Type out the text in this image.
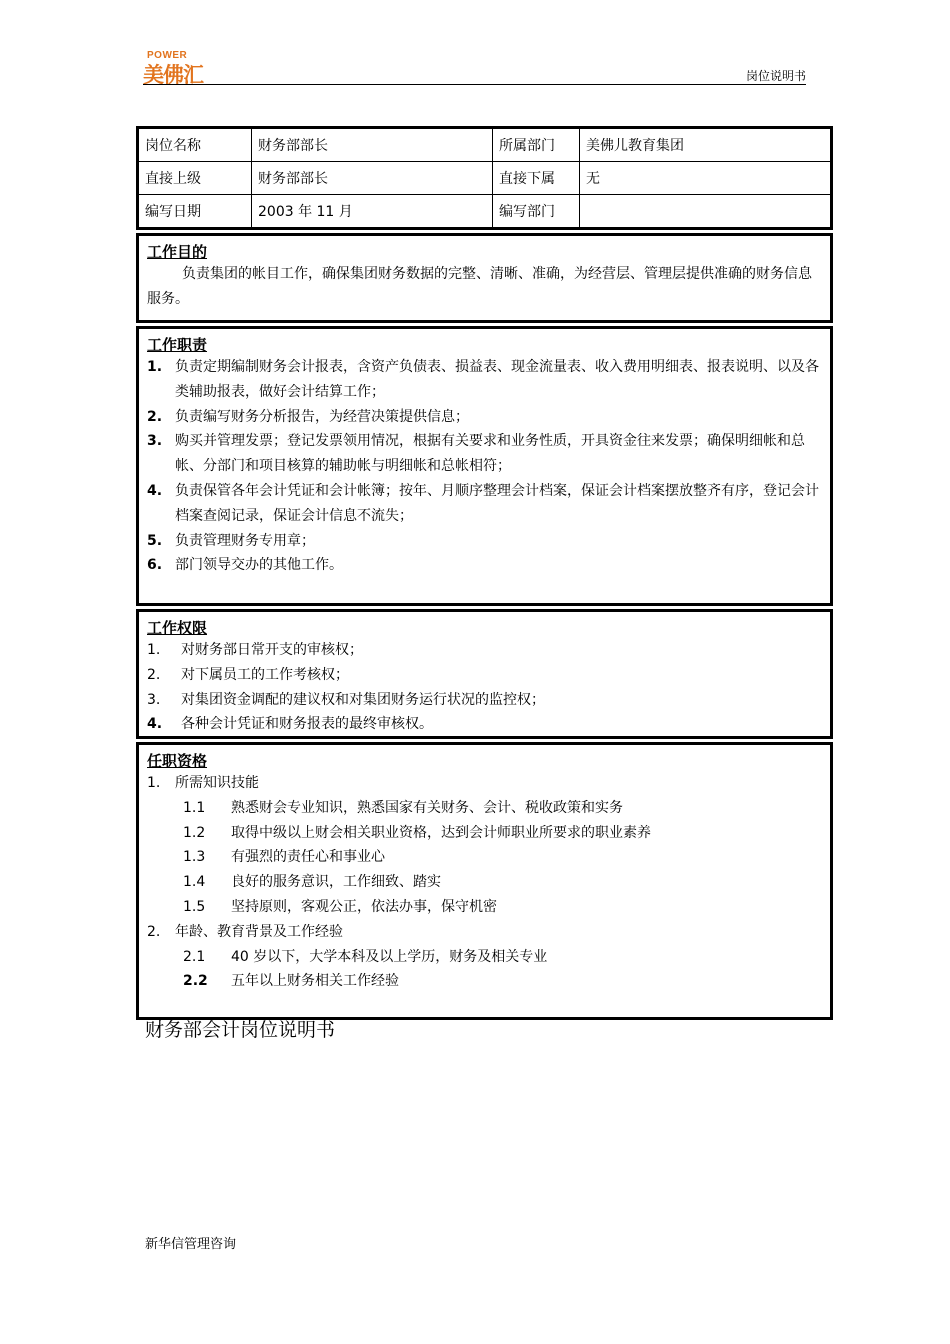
美佛汇
POWER
岗位说明书
岗位名称	财务部部长	所属部门	美佛儿教育集团
直接上级	财务部部长	直接下属	无
编写日期	2003 年 11 月	编写部门	
工作目的
负责集团的帐目工作，确保集团财务数据的完整、清晰、准确，为经营层、管理层提供准确的财务信息服务。
工作职责
1. 负责定期编制财务会计报表，含资产负债表、损益表、现金流量表、收入费用明细表、报表说明、以及各类辅助报表，做好会计结算工作；
2. 负责编写财务分析报告，为经营决策提供信息；
3. 购买并管理发票；登记发票领用情况，根据有关要求和业务性质，开具资金往来发票；确保明细帐和总帐、分部门和项目核算的辅助帐与明细帐和总帐相符；
4. 负责保管各年会计凭证和会计帐簿；按年、月顺序整理会计档案，保证会计档案摆放整齐有序，登记会计档案查阅记录，保证会计信息不流失；
5. 负责管理财务专用章；
6. 部门领导交办的其他工作。
工作权限
1.	对财务部日常开支的审核权；
2.	对下属员工的工作考核权；
3.	对集团资金调配的建议权和对集团财务运行状况的监控权；
4.	各种会计凭证和财务报表的最终审核权。
任职资格
1.	所需知识技能
1.1	熟悉财会专业知识，熟悉国家有关财务、会计、税收政策和实务
1.2	取得中级以上财会相关职业资格，达到会计师职业所要求的职业素养
1.3	有强烈的责任心和事业心
1.4	良好的服务意识，工作细致、踏实
1.5	坚持原则，客观公正，依法办事，保守机密
2.	年龄、教育背景及工作经验
2.1	40 岁以下，大学本科及以上学历，财务及相关专业
2.2	五年以上财务相关工作经验
财务部会计岗位说明书
新华信管理咨询
